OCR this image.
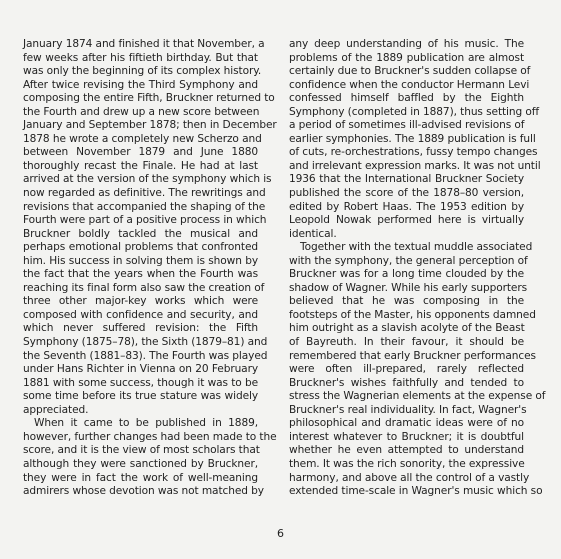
January 1874 and finished it that November, a
few weeks after his fiftieth birthday. But that
was only the beginning of its complex history.
After twice revising the Third Symphony and
composing the entire Fifth, Bruckner returned to
the Fourth and drew up a new score between
January and September 1878; then in December
1878 he wrote a completely new Scherzo and
between November 1879 and June 1880
thoroughly recast the Finale. He had at last
arrived at the version of the symphony which is
now regarded as definitive. The rewritings and
revisions that accompanied the shaping of the
Fourth were part of a positive process in which
Bruckner boldly tackled the musical and
perhaps emotional problems that confronted
him. His success in solving them is shown by
the fact that the years when the Fourth was
reaching its final form also saw the creation of
three other major-key works which were
composed with confidence and security, and
which never suffered revision: the Fifth
Symphony (1875–78), the Sixth (1879–81) and
the Seventh (1881–83). The Fourth was played
under Hans Richter in Vienna on 20 February
1881 with some success, though it was to be
some time before its true stature was widely
appreciated.
When it came to be published in 1889,
however, further changes had been made to the
score, and it is the view of most scholars that
although they were sanctioned by Bruckner,
they were in fact the work of well-meaning
admirers whose devotion was not matched by
any deep understanding of his music. The
problems of the 1889 publication are almost
certainly due to Bruckner's sudden collapse of
confidence when the conductor Hermann Levi
confessed himself baffled by the Eighth
Symphony (completed in 1887), thus setting off
a period of sometimes ill-advised revisions of
earlier symphonies. The 1889 publication is full
of cuts, re-orchestrations, fussy tempo changes
and irrelevant expression marks. It was not until
1936 that the International Bruckner Society
published the score of the 1878–80 version,
edited by Robert Haas. The 1953 edition by
Leopold Nowak performed here is virtually
identical.
Together with the textual muddle associated
with the symphony, the general perception of
Bruckner was for a long time clouded by the
shadow of Wagner. While his early supporters
believed that he was composing in the
footsteps of the Master, his opponents damned
him outright as a slavish acolyte of the Beast
of Bayreuth. In their favour, it should be
remembered that early Bruckner performances
were often ill-prepared, rarely reflected
Bruckner's wishes faithfully and tended to
stress the Wagnerian elements at the expense of
Bruckner's real individuality. In fact, Wagner's
philosophical and dramatic ideas were of no
interest whatever to Bruckner; it is doubtful
whether he even attempted to understand
them. It was the rich sonority, the expressive
harmony, and above all the control of a vastly
extended time-scale in Wagner's music which so
6
